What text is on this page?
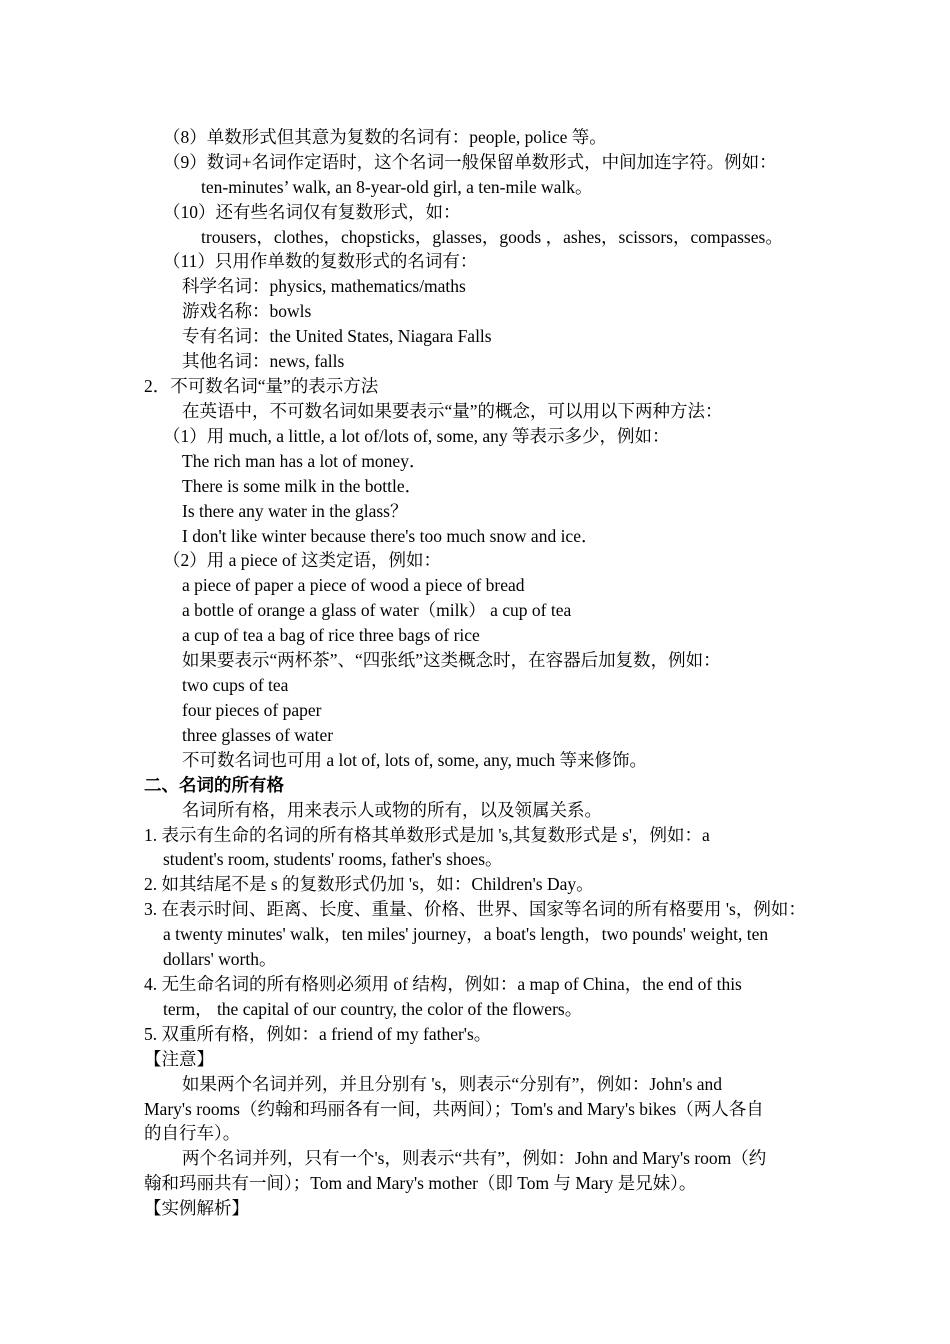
（8）单数形式但其意为复数的名词有：people, police 等。
（9）数词+名词作定语时，这个名词一般保留单数形式，中间加连字符。例如：
ten-minutes’ walk, an 8-year-old girl, a ten-mile walk。
（10）还有些名词仅有复数形式，如：
trousers，clothes，chopsticks，glasses，goods ，ashes，scissors，compasses。
（11）只用作单数的复数形式的名词有：
科学名词：physics, mathematics/maths
游戏名称：bowls
专有名词：the United States, Niagara Falls
其他名词：news, falls
2．不可数名词“量”的表示方法
在英语中，不可数名词如果要表示“量”的概念，可以用以下两种方法：
（1）用 much, a little, a lot of/lots of, some, any 等表示多少，例如：
The rich man has a lot of money．
There is some milk in the bottle．
Is there any water in the glass？
I don't like winter because there's too much snow and ice．
（2）用 a piece of 这类定语，例如：
a piece of paper a piece of wood a piece of bread
a bottle of orange a glass of water（milk） a cup of tea
a cup of tea a bag of rice three bags of rice
如果要表示“两杯茶”、“四张纸”这类概念时，在容器后加复数，例如：
two cups of tea
four pieces of paper
three glasses of water
不可数名词也可用 a lot of, lots of, some, any, much 等来修饰。
二、名词的所有格
名词所有格，用来表示人或物的所有，以及领属关系。
1. 表示有生命的名词的所有格其单数形式是加 's,其复数形式是 s'，例如：a
student's room, students' rooms, father's shoes。
2. 如其结尾不是 s 的复数形式仍加 's，如：Children's Day。
3. 在表示时间、距离、长度、重量、价格、世界、国家等名词的所有格要用 's，例如：
a twenty minutes' walk，ten miles' journey，a boat's length，two pounds' weight, ten
dollars' worth。
4. 无生命名词的所有格则必须用 of 结构，例如：a map of China，the end of this
term， the capital of our country, the color of the flowers。
5. 双重所有格，例如：a friend of my father's。
【注意】
如果两个名词并列，并且分别有 's，则表示“分别有”，例如：John's and
Mary's rooms（约翰和玛丽各有一间，共两间）；Tom's and Mary's bikes（两人各自
的自行车）。
两个名词并列，只有一个's，则表示“共有”，例如：John and Mary's room（约
翰和玛丽共有一间）；Tom and Mary's mother（即 Tom 与 Mary 是兄妹）。
【实例解析】
